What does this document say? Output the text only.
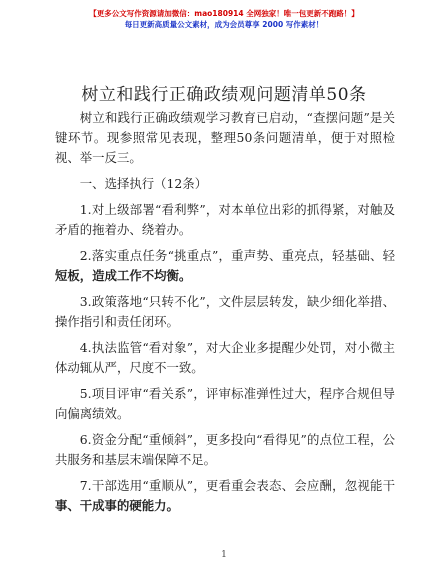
【更多公文写作资源请加微信：mao180914 全网独家！唯一包更新不跑路！】
每日更新高质量公文素材，成为会员尊享 2000 写作素材！
树立和践行正确政绩观问题清单50条

树立和践行正确政绩观学习教育已启动，“查摆问题”是关键环节。现参照常见表现，整理50条问题清单，便于对照检视、举一反三。

一、选择执行（12条）

1.对上级部署“看利弊”，对本单位出彩的抓得紧，对触及矛盾的拖着办、绕着办。

2.落实重点任务“挑重点”，重声势、重亮点，轻基础、轻短板，造成工作不均衡。

3.政策落地“只转不化”，文件层层转发，缺少细化举措、操作指引和责任闭环。

4.执法监管“看对象”，对大企业多提醒少处罚，对小微主体动辄从严，尺度不一致。

5.项目评审“看关系”，评审标准弹性过大，程序合规但导向偏离绩效。

6.资金分配“重倾斜”，更多投向“看得见”的点位工程，公共服务和基层末端保障不足。

7.干部选用“重顺从”，更看重会表态、会应酬，忽视能干事、干成事的硬能力。

1
